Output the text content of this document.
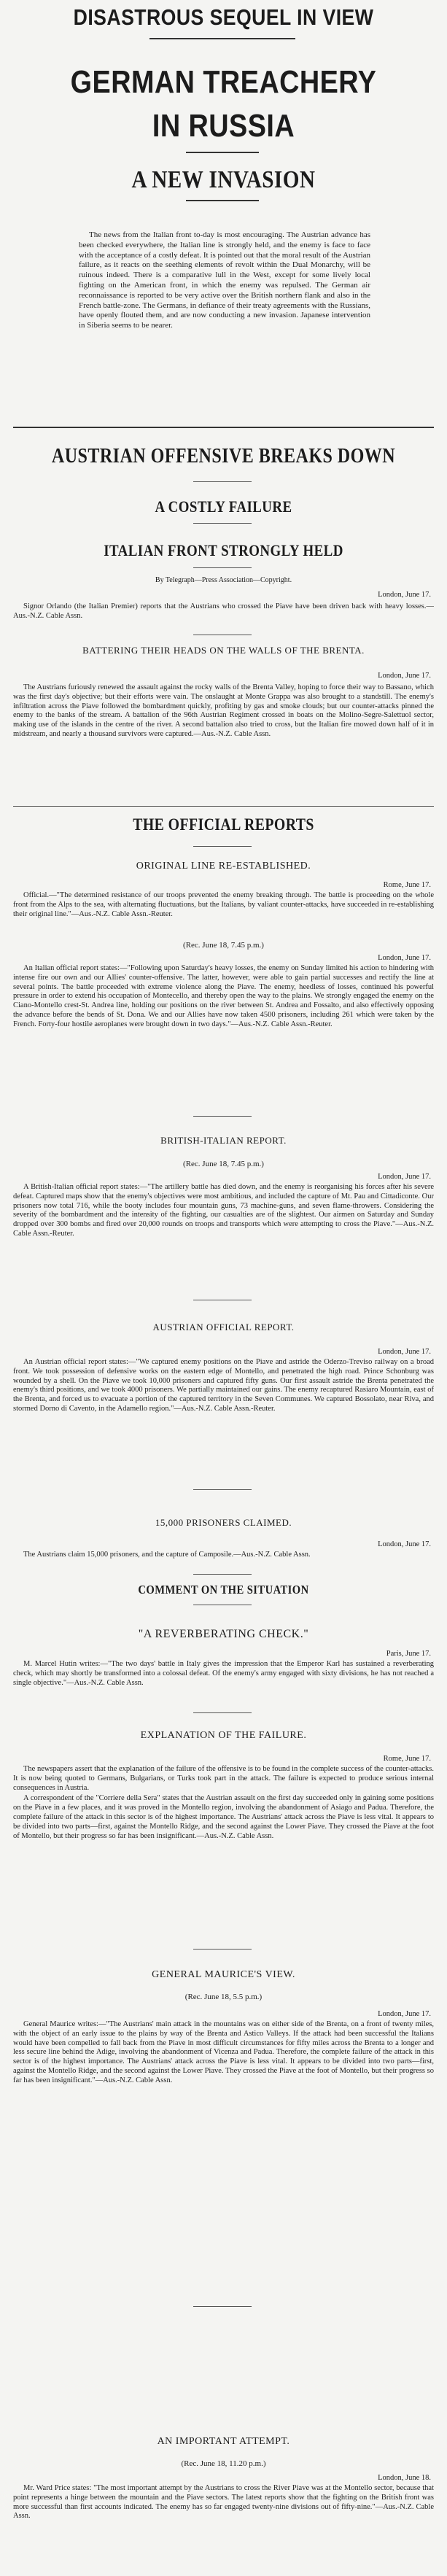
DISASTROUS SEQUEL IN VIEW
GERMAN TREACHERY
IN RUSSIA
A NEW INVASION

The news from the Italian front to-day is most encouraging. The Austrian advance has been checked everywhere, the Italian line is strongly held, and the enemy is face to face with the acceptance of a costly defeat. It is pointed out that the moral result of the Austrian failure, as it reacts on the seething elements of revolt within the Dual Monarchy, will be ruinous indeed. There is a comparative lull in the West, except for some lively local fighting on the American front, in which the enemy was repulsed. The German air reconnaissance is reported to be very active over the British northern flank and also in the French battle-zone. The Germans, in defiance of their treaty agreements with the Russians, have openly flouted them, and are now conducting a new invasion. Japanese intervention in Siberia seems to be nearer.

AUSTRIAN OFFENSIVE BREAKS DOWN
A COSTLY FAILURE
ITALIAN FRONT STRONGLY HELD
By Telegraph—Press Association—Copyright.
London, June 17.

Signor Orlando (the Italian Premier) reports that the Austrians who crossed the Piave have been driven back with heavy losses.—Aus.-N.Z. Cable Assn.

BATTERING THEIR HEADS ON THE WALLS OF THE BRENTA.
London, June 17.

The Austrians furiously renewed the assault against the rocky walls of the Brenta Valley, hoping to force their way to Bassano, which was the first day's objective; but their efforts were vain. The onslaught at Monte Grappa was also brought to a standstill. The enemy's infiltration across the Piave followed the bombardment quickly, profiting by gas and smoke clouds; but our counter-attacks pinned the enemy to the banks of the stream. A battalion of the 96th Austrian Regiment crossed in boats on the Molino-Segre-Salettuol sector, making use of the islands in the centre of the river. A second battalion also tried to cross, but the Italian fire mowed down half of it in midstream, and nearly a thousand survivors were captured.—Aus.-N.Z. Cable Assn.

THE OFFICIAL REPORTS
ORIGINAL LINE RE-ESTABLISHED.
Rome, June 17.

Official.—"The determined resistance of our troops prevented the enemy breaking through. The battle is proceeding on the whole front from the Alps to the sea, with alternating fluctuations, but the Italians, by valiant counter-attacks, have succeeded in re-establishing their original line."—Aus.-N.Z. Cable Assn.-Reuter.

(Rec. June 18, 7.45 p.m.)
London, June 17.

An Italian official report states:—"Following upon Saturday's heavy losses, the enemy on Sunday limited his action to hindering with intense fire our own and our Allies' counter-offensive. The latter, however, were able to gain partial successes and rectify the line at several points. The battle proceeded with extreme violence along the Piave. The enemy, heedless of losses, continued his powerful pressure in order to extend his occupation of Montecello, and thereby open the way to the plains. We strongly engaged the enemy on the Ciano-Montello crest-St. Andrea line, holding our positions on the river between St. Andrea and Fossalto, and also effectively opposing the advance before the bends of St. Dona. We and our Allies have now taken 4500 prisoners, including 261 which were taken by the French. Forty-four hostile aeroplanes were brought down in two days."—Aus.-N.Z. Cable Assn.-Reuter.

BRITISH-ITALIAN REPORT.
(Rec. June 18, 7.45 p.m.)
London, June 17.

A British-Italian official report states:—"The artillery battle has died down, and the enemy is reorganising his forces after his severe defeat. Captured maps show that the enemy's objectives were most ambitious, and included the capture of Mt. Pau and Cittadiconte. Our prisoners now total 716, while the booty includes four mountain guns, 73 machine-guns, and seven flame-throwers. Considering the severity of the bombardment and the intensity of the fighting, our casualties are of the slightest. Our airmen on Saturday and Sunday dropped over 300 bombs and fired over 20,000 rounds on troops and transports which were attempting to cross the Piave."—Aus.-N.Z. Cable Assn.-Reuter.

AUSTRIAN OFFICIAL REPORT.
London, June 17.

An Austrian official report states:—"We captured enemy positions on the Piave and astride the Oderzo-Treviso railway on a broad front. We took possession of defensive works on the eastern edge of Montello, and penetrated the high road. Prince Schonburg was wounded by a shell. On the Piave we took 10,000 prisoners and captured fifty guns. Our first assault astride the Brenta penetrated the enemy's third positions, and we took 4000 prisoners. We partially maintained our gains. The enemy recaptured Rasiaro Mountain, east of the Brenta, and forced us to evacuate a portion of the captured territory in the Seven Communes. We captured Bossolato, near Riva, and stormed Dorno di Cavento, in the Adamello region."—Aus.-N.Z. Cable Assn.-Reuter.

15,000 PRISONERS CLAIMED.
London, June 17.

The Austrians claim 15,000 prisoners, and the capture of Camposile.—Aus.-N.Z. Cable Assn.

COMMENT ON THE SITUATION
"A REVERBERATING CHECK."
Paris, June 17.

M. Marcel Hutin writes:—"The two days' battle in Italy gives the impression that the Emperor Karl has sustained a reverberating check, which may shortly be transformed into a colossal defeat. Of the enemy's army engaged with sixty divisions, he has not reached a single objective."—Aus.-N.Z. Cable Assn.

EXPLANATION OF THE FAILURE.
Rome, June 17.

The newspapers assert that the explanation of the failure of the offensive is to be found in the complete success of the counter-attacks. It is now being quoted to Germans, Bulgarians, or Turks took part in the attack. The failure is expected to produce serious internal consequences in Austria.

A correspondent of the "Corriere della Sera" states that the Austrian assault on the first day succeeded only in gaining some positions on the Piave in a few places, and it was proved in the Montello region, involving the abandonment of Asiago and Padua. Therefore, the complete failure of the attack in this sector is of the highest importance. The Austrians' attack across the Piave is less vital. It appears to be divided into two parts—first, against the Montello Ridge, and the second against the Lower Piave. They crossed the Piave at the foot of Montello, but their progress so far has been insignificant.—Aus.-N.Z. Cable Assn.

GENERAL MAURICE'S VIEW.
(Rec. June 18, 5.5 p.m.)
London, June 17.

General Maurice writes:—"The Austrians' main attack in the mountains was on either side of the Brenta, on a front of twenty miles, with the object of an early issue to the plains by way of the Brenta and Astico Valleys. If the attack had been successful the Italians would have been compelled to fall back from the Piave in most difficult circumstances for fifty miles across the Brenta to a longer and less secure line behind the Adige, involving the abandonment of Vicenza and Padua. Therefore, the complete failure of the attack in this sector is of the highest importance. The Austrians' attack across the Piave is less vital. It appears to be divided into two parts—first, against the Montello Ridge, and the second against the Lower Piave. They crossed the Piave at the foot of Montello, but their progress so far has been insignificant."—Aus.-N.Z. Cable Assn.

AN IMPORTANT ATTEMPT.
(Rec. June 18, 11.20 p.m.)
London, June 18.

Mr. Ward Price states: "The most important attempt by the Austrians to cross the River Piave was at the Montello sector, because that point represents a hinge between the mountain and the Piave sectors. The latest reports show that the fighting on the British front was more successful than first accounts indicated. The enemy has so far engaged twenty-nine divisions out of fifty-nine."—Aus.-N.Z. Cable Assn.
